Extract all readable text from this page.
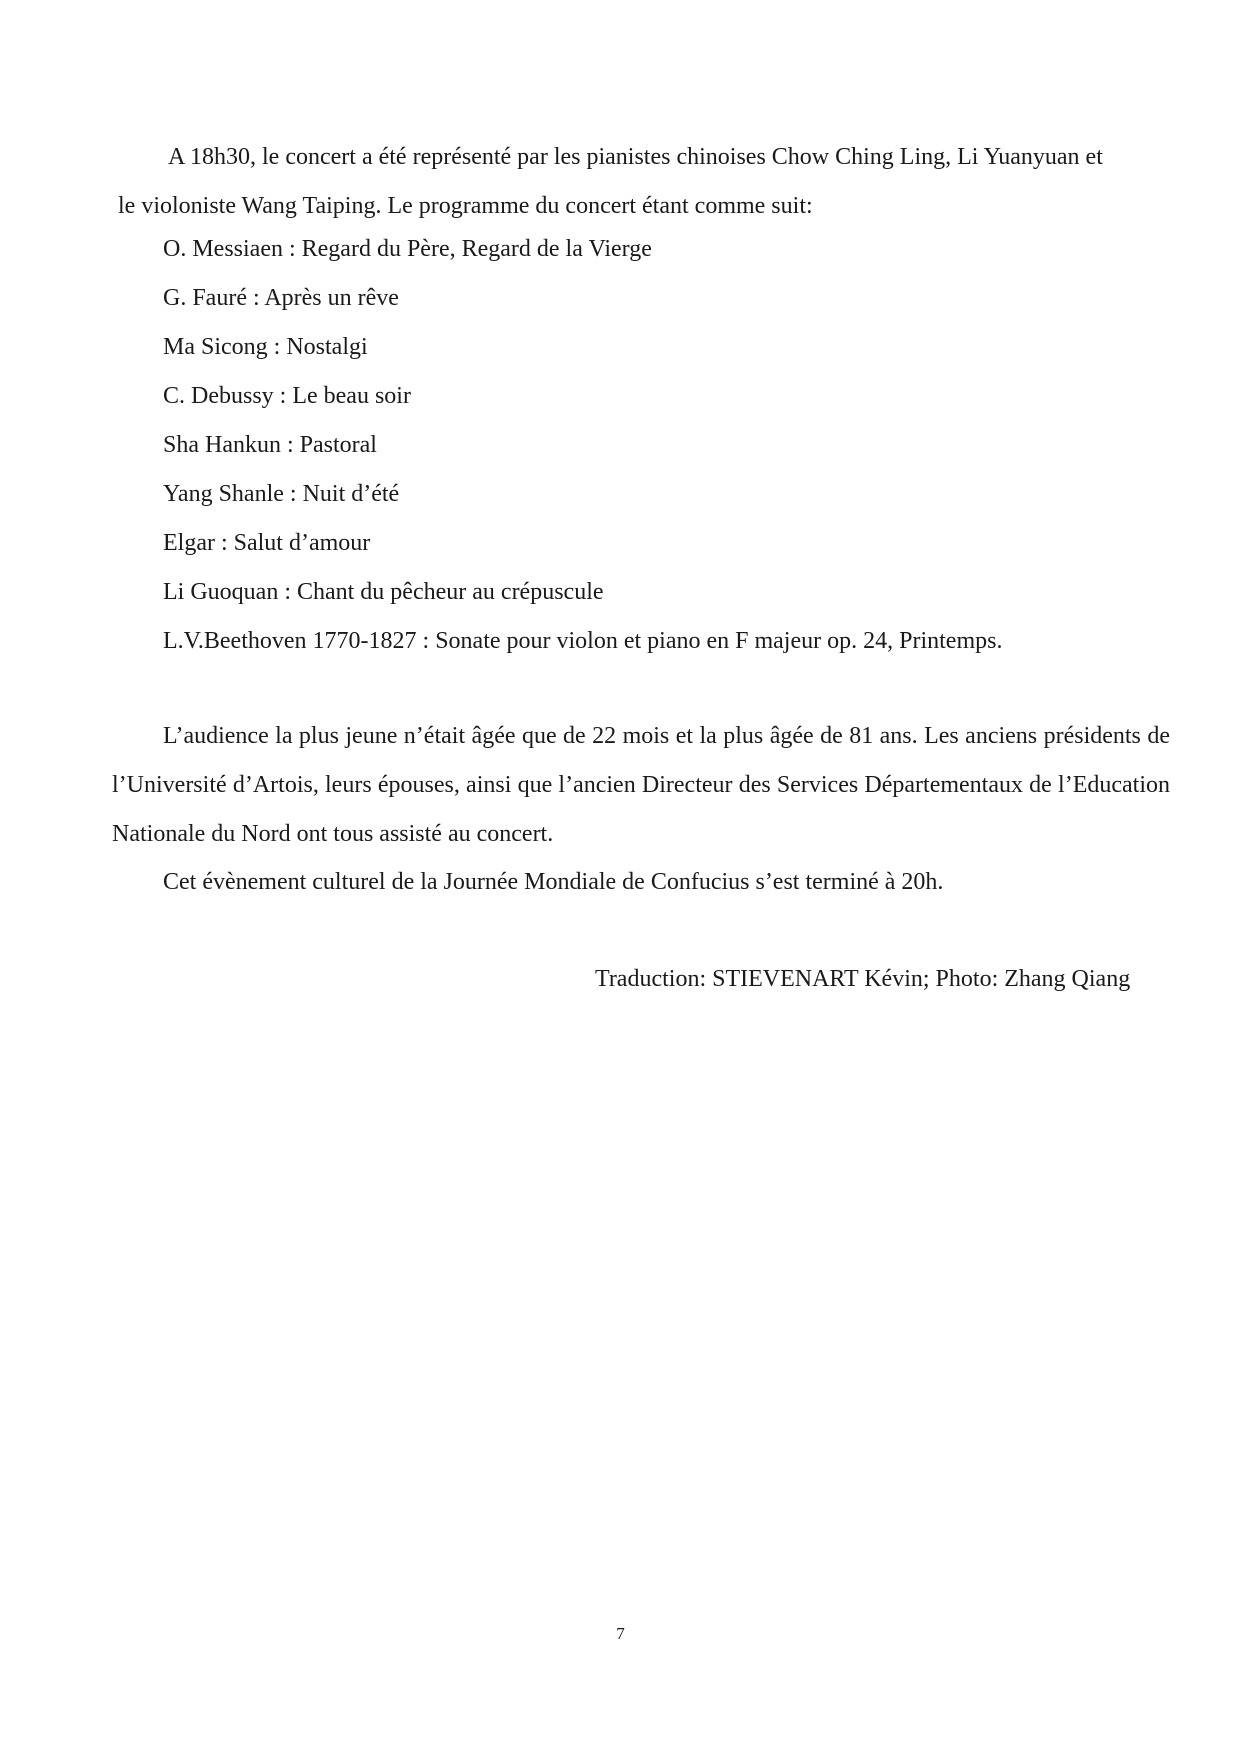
A 18h30, le concert a été représenté par les pianistes chinoises Chow Ching Ling, Li Yuanyuan et
le violoniste Wang Taiping. Le programme du concert étant comme suit:

O. Messiaen : Regard du Père, Regard de la Vierge
G. Fauré : Après un rêve
Ma Sicong : Nostalgi
C. Debussy : Le beau soir
Sha Hankun : Pastoral
Yang Shanle : Nuit d’été
Elgar : Salut d’amour
Li Guoquan : Chant du pêcheur au crépuscule
L.V.Beethoven 1770-1827 : Sonate pour violon et piano en F majeur op. 24, Printemps.

L’audience la plus jeune n’était âgée que de 22 mois et la plus âgée de 81 ans. Les anciens présidents de l’Université d’Artois, leurs épouses, ainsi que l’ancien Directeur des Services Départementaux de l’Education Nationale du Nord ont tous assisté au concert.

Cet évènement culturel de la Journée Mondiale de Confucius s’est terminé à 20h.

Traduction: STIEVENART Kévin; Photo: Zhang Qiang

7
